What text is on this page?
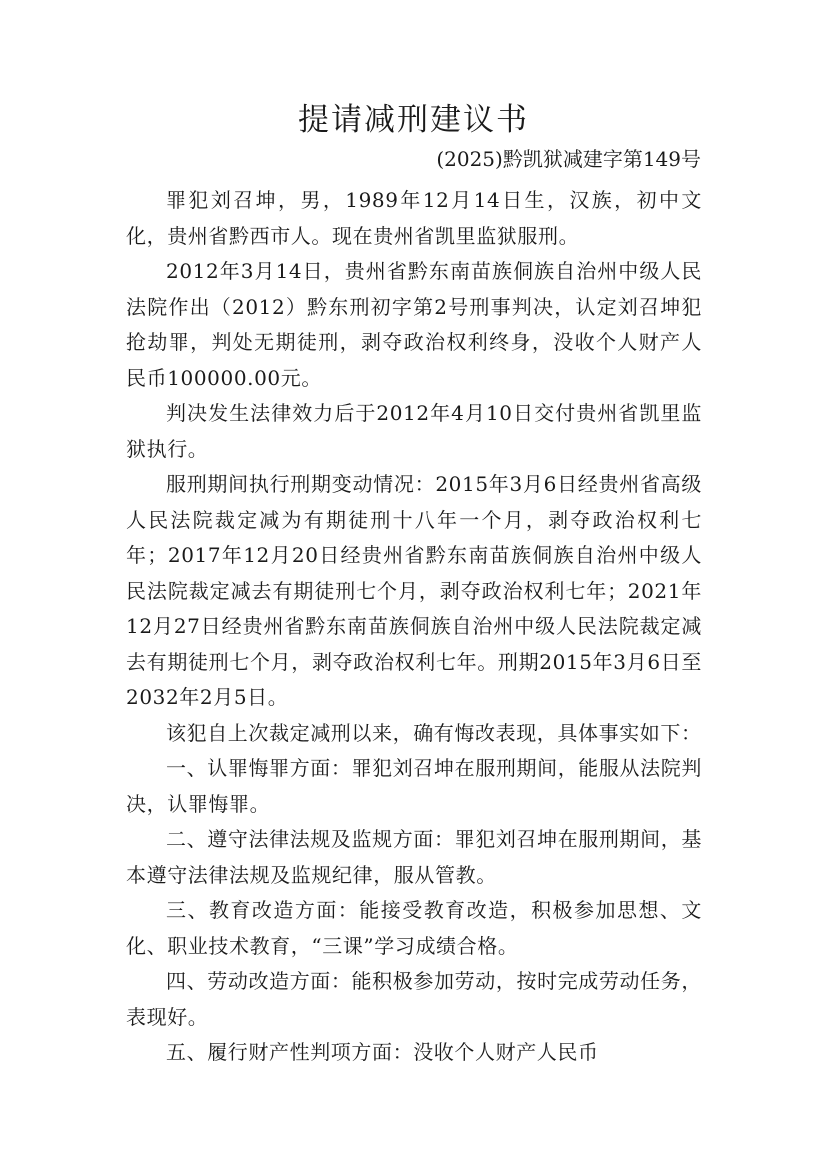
提请减刑建议书
(2025)黔凯狱减建字第149号

罪犯刘召坤，男，1989年12月14日生，汉族，初中文化，贵州省黔西市人。现在贵州省凯里监狱服刑。

2012年3月14日，贵州省黔东南苗族侗族自治州中级人民法院作出（2012）黔东刑初字第2号刑事判决，认定刘召坤犯抢劫罪，判处无期徒刑，剥夺政治权利终身，没收个人财产人民币100000.00元。

判决发生法律效力后于2012年4月10日交付贵州省凯里监狱执行。

服刑期间执行刑期变动情况：2015年3月6日经贵州省高级人民法院裁定减为有期徒刑十八年一个月，剥夺政治权利七年；2017年12月20日经贵州省黔东南苗族侗族自治州中级人民法院裁定减去有期徒刑七个月，剥夺政治权利七年；2021年12月27日经贵州省黔东南苗族侗族自治州中级人民法院裁定减去有期徒刑七个月，剥夺政治权利七年。刑期2015年3月6日至2032年2月5日。

该犯自上次裁定减刑以来，确有悔改表现，具体事实如下：

一、认罪悔罪方面：罪犯刘召坤在服刑期间，能服从法院判决，认罪悔罪。

二、遵守法律法规及监规方面：罪犯刘召坤在服刑期间，基本遵守法律法规及监规纪律，服从管教。

三、教育改造方面：能接受教育改造，积极参加思想、文化、职业技术教育，“三课”学习成绩合格。

四、劳动改造方面：能积极参加劳动，按时完成劳动任务，表现好。

五、履行财产性判项方面：没收个人财产人民币
